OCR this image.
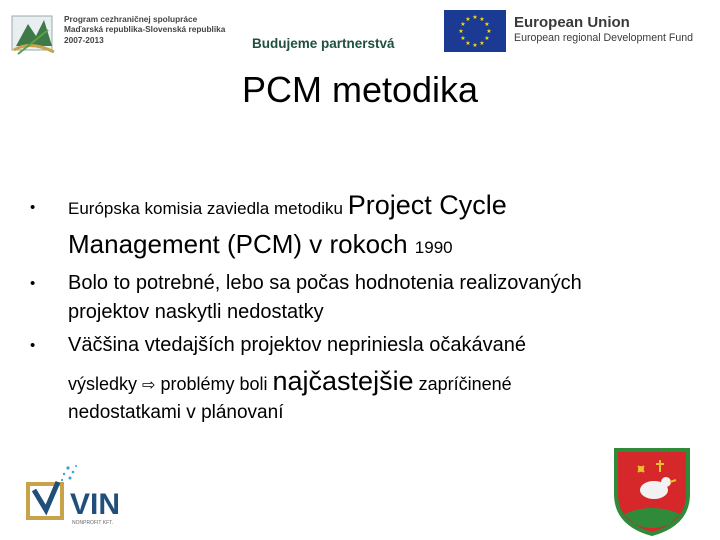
Program cezhraničnej spolupráce
Maďarská republika-Slovenská republika
2007-2013	Budujeme partnerstvá
★ ★
★
★
★
★
★
★
★
★
★
★	European Union
European regional Development Fund
PCM metodika
• Európska komisia zaviedla metodiku Project Cycle
Management (PCM) v rokoch 1990
• Bolo to potrebné, lebo sa počas hodnotenia realizovaných
projektov naskytli nedostatky
• Väčšina vtedajších projektov nepriniesla očakávané
výsledky ⇨ problémy boli najčastejšie zapríčinené
nedostatkami v plánovaní
VIN
NONPROFIT KFT.
